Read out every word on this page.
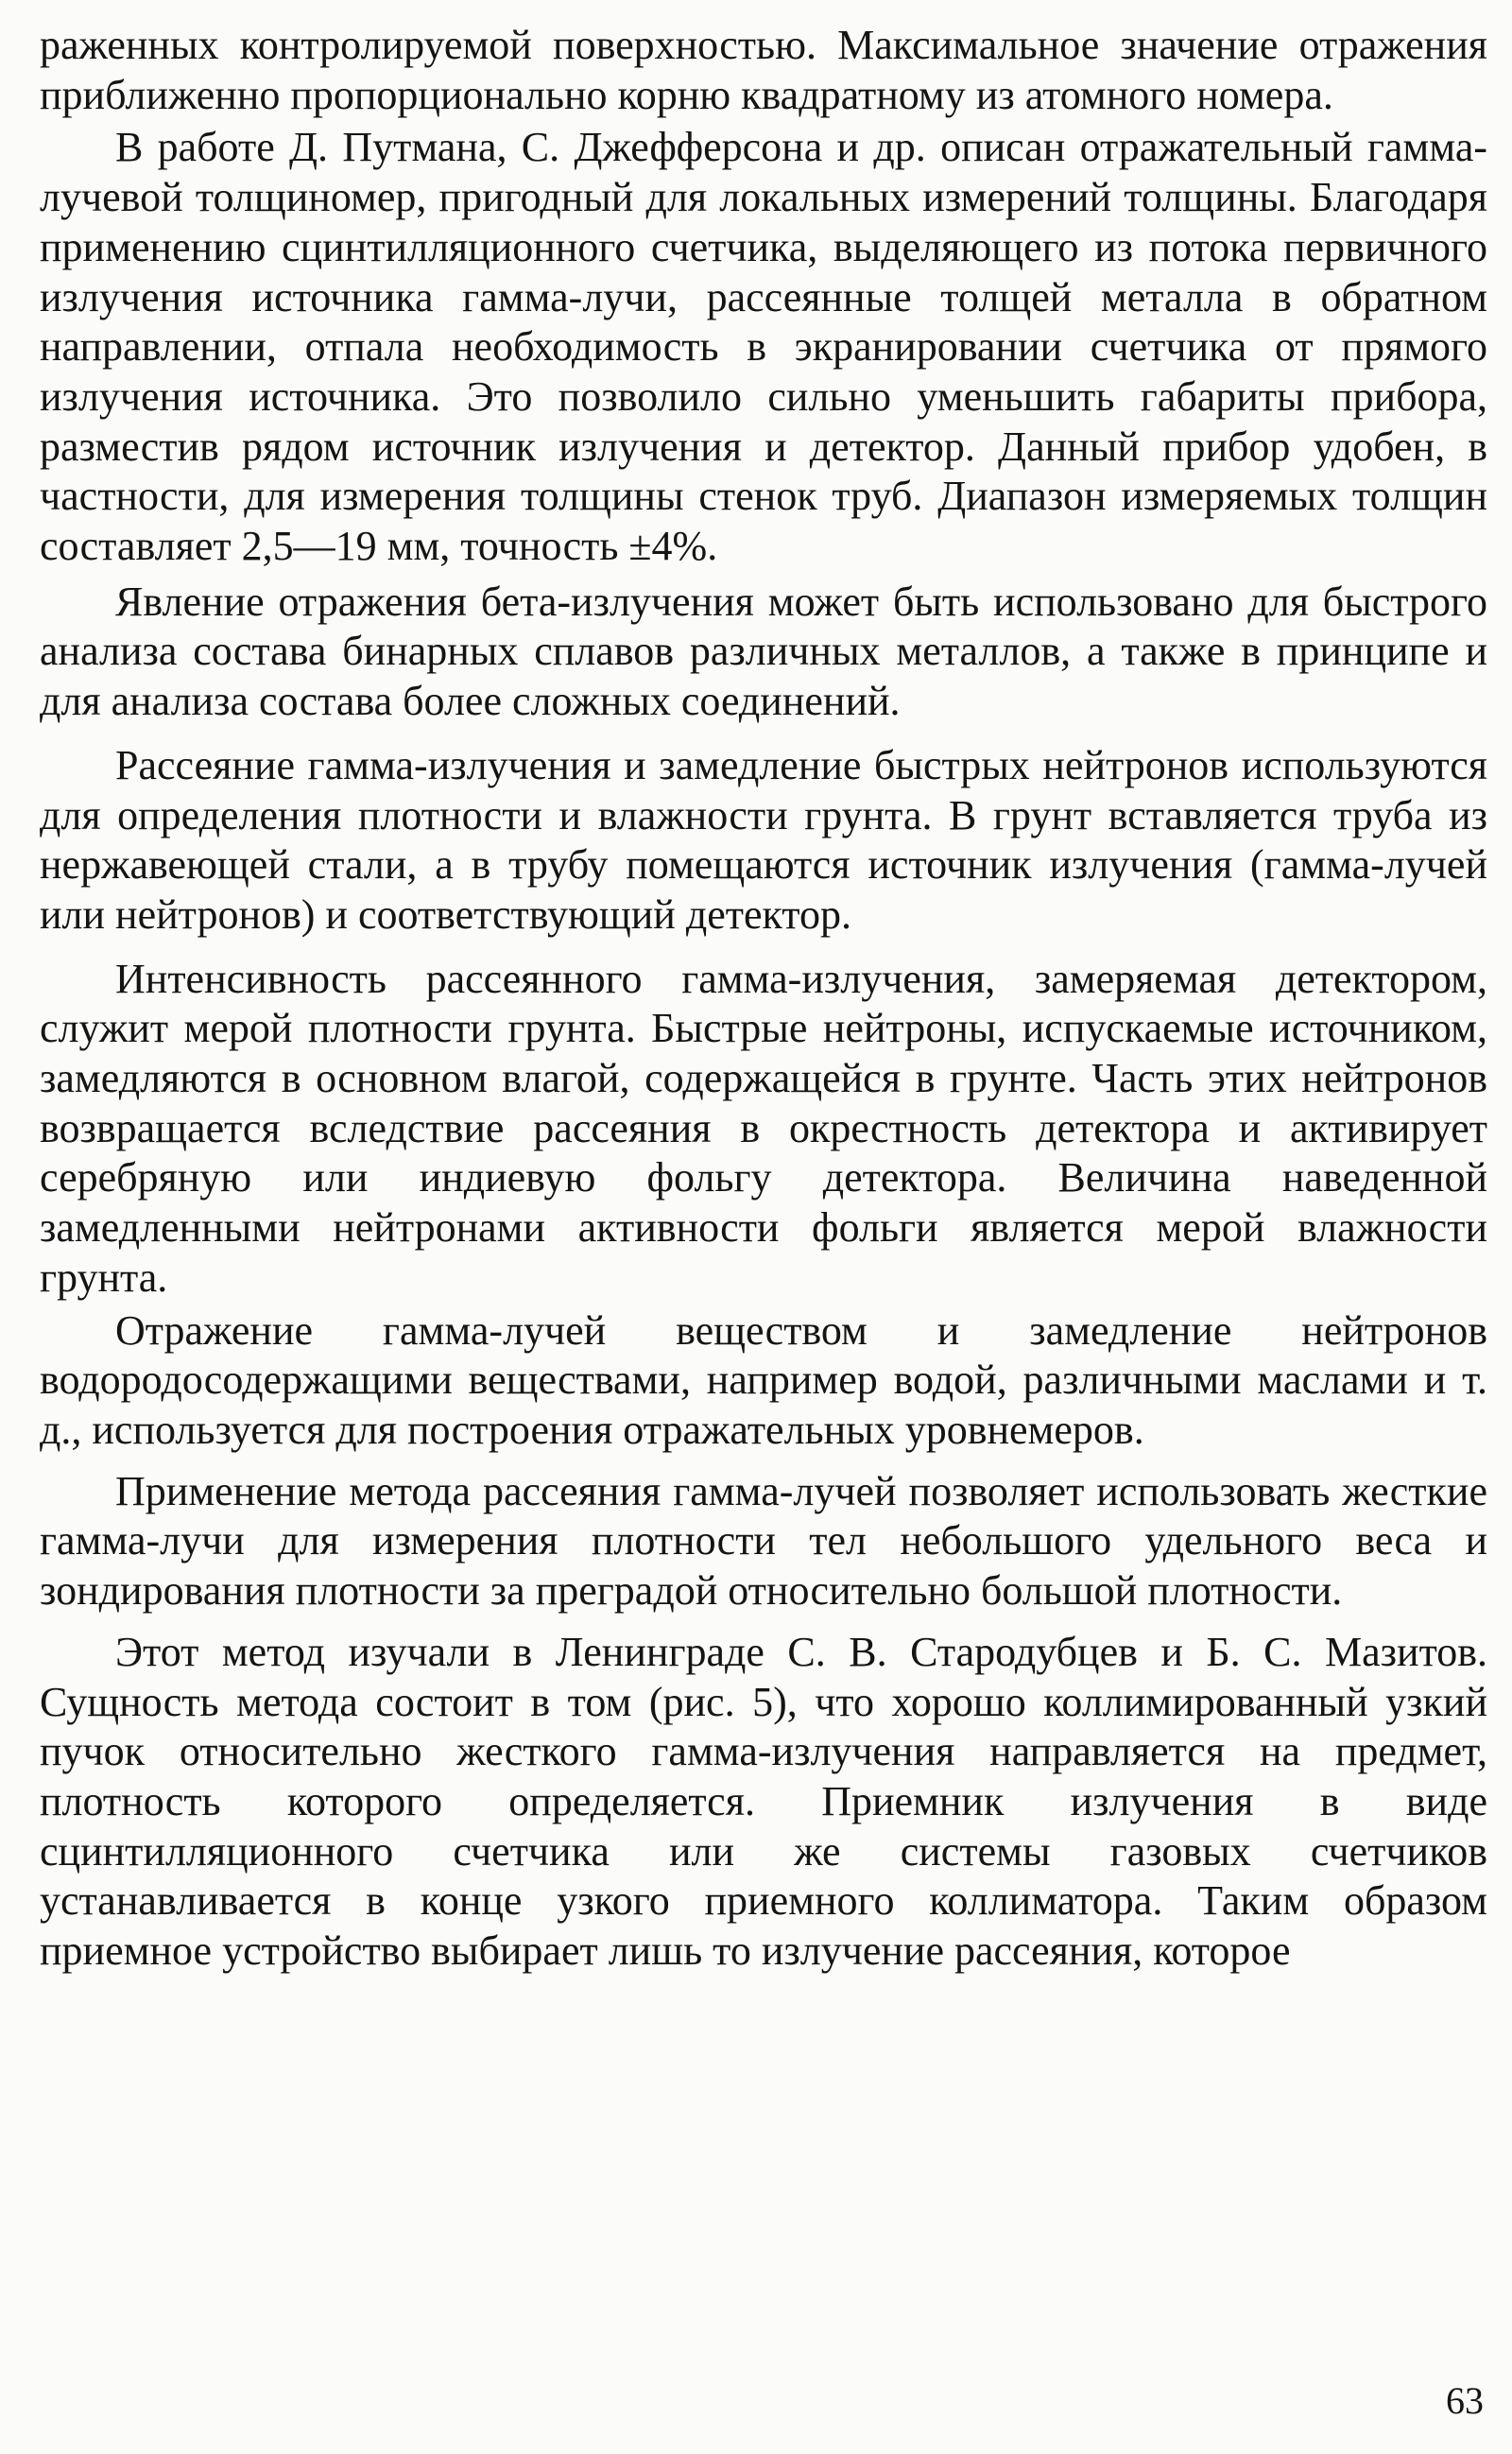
раженных контролируемой поверхностью. Максимальное значение отражения приближенно пропорционально корню квадратному из атомного номера.

В работе Д. Путмана, С. Джефферсона и др. описан отражательный гамма-лучевой толщиномер, пригодный для локальных измерений толщины. Благодаря применению сцинтилляционного счетчика, выделяющего из потока первичного излучения источника гамма-лучи, рассеянные толщей металла в обратном направлении, отпала необходимость в экранировании счетчика от прямого излучения источника. Это позволило сильно уменьшить габариты прибора, разместив рядом источник излучения и детектор. Данный прибор удобен, в частности, для измерения толщины стенок труб. Диапазон измеряемых толщин составляет 2,5—19 мм, точность ±4%.

Явление отражения бета-излучения может быть использовано для быстрого анализа состава бинарных сплавов различных металлов, а также в принципе и для анализа состава более сложных соединений.

Рассеяние гамма-излучения и замедление быстрых нейтронов используются для определения плотности и влажности грунта. В грунт вставляется труба из нержавеющей стали, а в трубу помещаются источник излучения (гамма-лучей или нейтронов) и соответствующий детектор.

Интенсивность рассеянного гамма-излучения, замеряемая детектором, служит мерой плотности грунта. Быстрые нейтроны, испускаемые источником, замедляются в основном влагой, содержащейся в грунте. Часть этих нейтронов возвращается вследствие рассеяния в окрестность детектора и активирует серебряную или индиевую фольгу детектора. Величина наведенной замедленными нейтронами активности фольги является мерой влажности грунта.

Отражение гамма-лучей веществом и замедление нейтронов водородосодержащими веществами, например водой, различными маслами и т. д., используется для построения отражательных уровнемеров.

Применение метода рассеяния гамма-лучей позволяет использовать жесткие гамма-лучи для измерения плотности тел небольшого удельного веса и зондирования плотности за преградой относительно большой плотности.

Этот метод изучали в Ленинграде С. В. Стародубцев и Б. С. Мазитов. Сущность метода состоит в том (рис. 5), что хорошо коллимированный узкий пучок относительно жесткого гамма-излучения направляется на предмет, плотность которого определяется. Приемник излучения в виде сцинтилляционного счетчика или же системы газовых счетчиков устанавливается в конце узкого приемного коллиматора. Таким образом приемное устройство выбирает лишь то излучение рассеяния, которое

63
